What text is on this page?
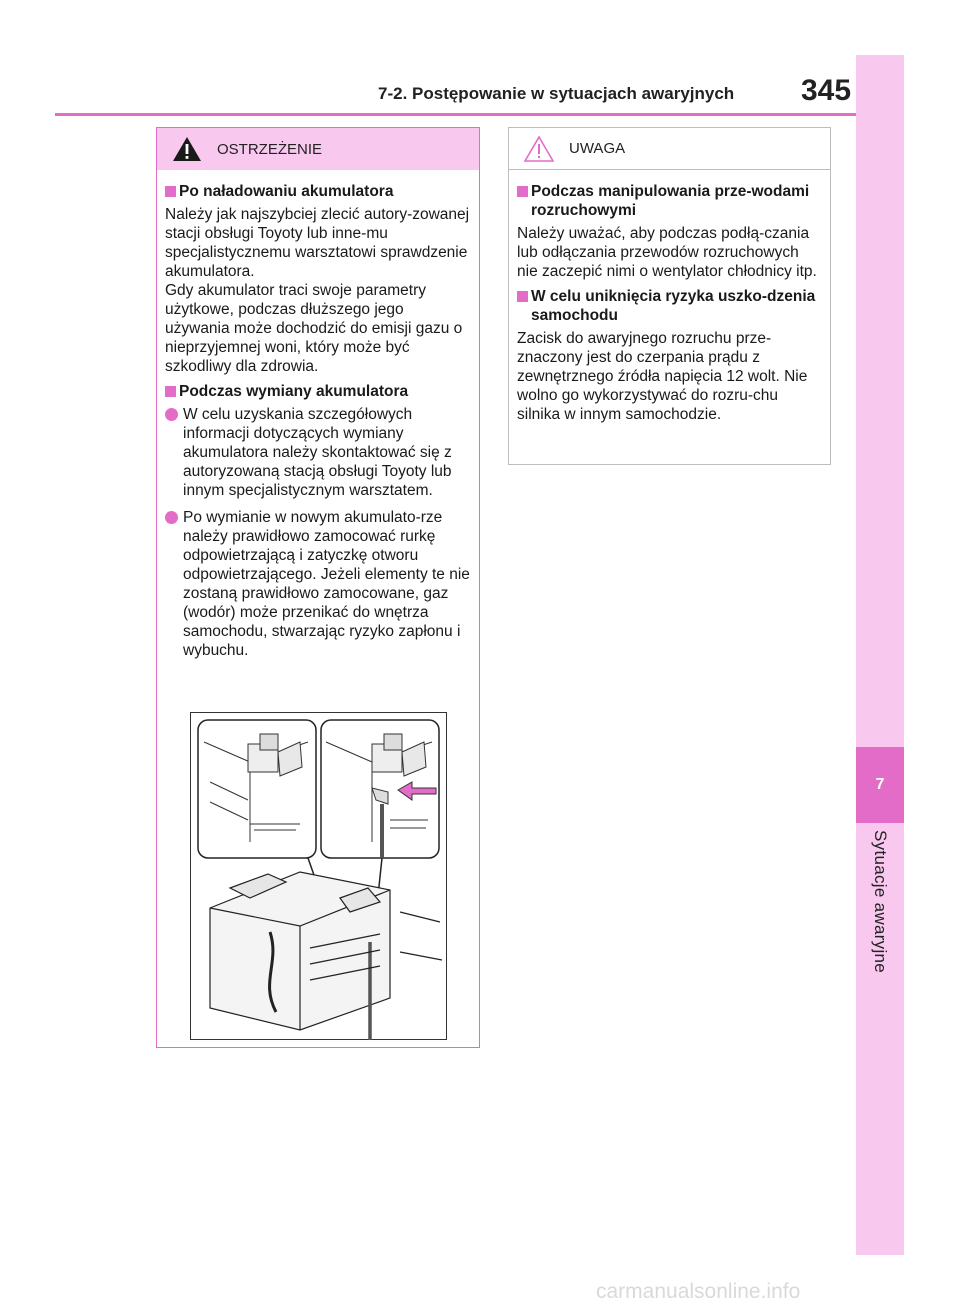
7
Sytuacje awaryjne
7-2. Postępowanie w sytuacjach awaryjnych 345
OSTRZEŻENIE
Po naładowaniu akumulatora
Należy jak najszybciej zlecić autory-zowanej stacji obsługi Toyoty lub inne-mu specjalistycznemu warsztatowi sprawdzenie akumulatora.
Gdy akumulator traci swoje parametry użytkowe, podczas dłuższego jego używania może dochodzić do emisji gazu o nieprzyjemnej woni, który może być szkodliwy dla zdrowia.
Podczas wymiany akumulatora
W celu uzyskania szczegółowych informacji dotyczących wymiany akumulatora należy skontaktować się z autoryzowaną stacją obsługi Toyoty lub innym specjalistycznym warsztatem.
Po wymianie w nowym akumulato-rze należy prawidłowo zamocować rurkę odpowietrzającą i zatyczkę otworu odpowietrzającego. Jeżeli elementy te nie zostaną prawidłowo zamocowane, gaz (wodór) może przenikać do wnętrza samochodu, stwarzając ryzyko zapłonu i wybuchu.
UWAGA
Podczas manipulowania prze-wodami rozruchowymi
Należy uważać, aby podczas podłą-czania lub odłączania przewodów rozruchowych nie zaczepić nimi o wentylator chłodnicy itp.
W celu uniknięcia ryzyka uszko-dzenia samochodu
Zacisk do awaryjnego rozruchu prze-znaczony jest do czerpania prądu z zewnętrznego źródła napięcia 12 wolt. Nie wolno go wykorzystywać do rozru-chu silnika w innym samochodzie.
carmanualsonline.info
